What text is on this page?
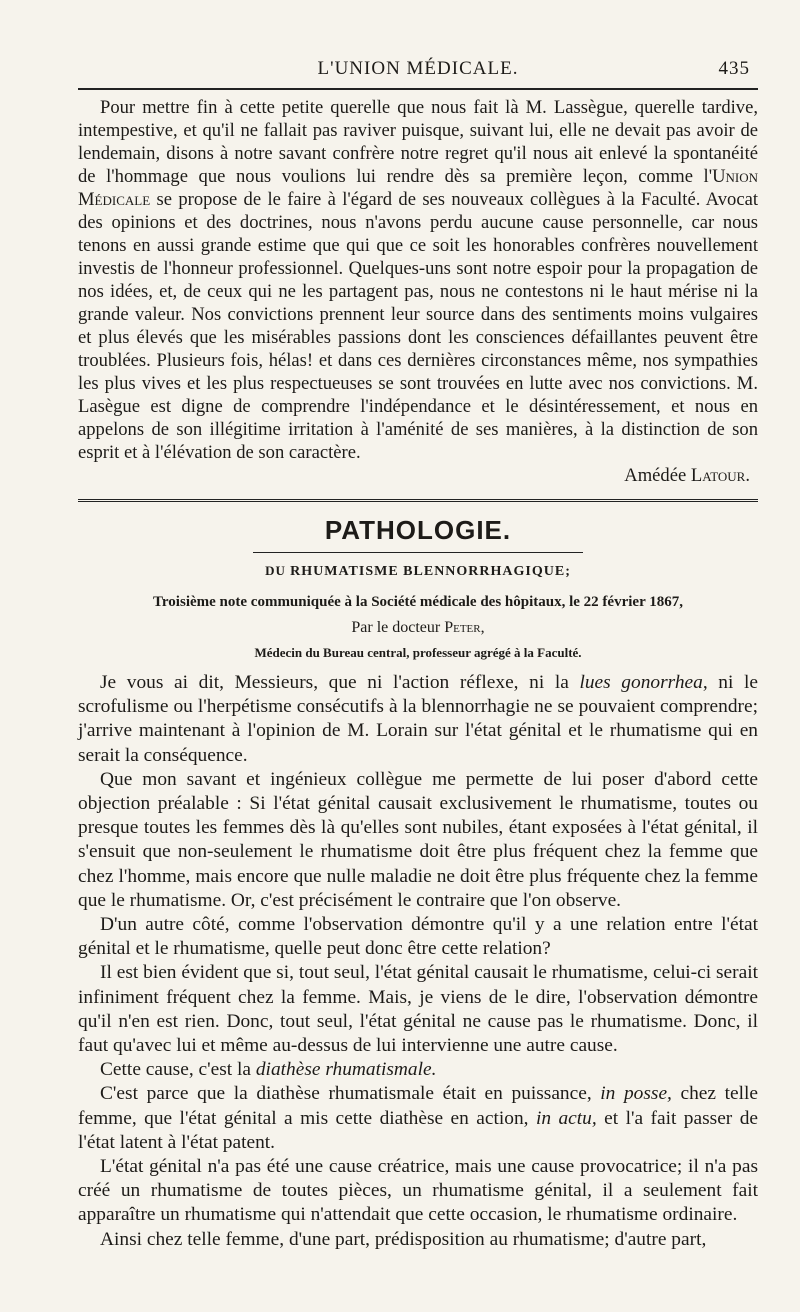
L'UNION MÉDICALE.	435

Pour mettre fin à cette petite querelle que nous fait là M. Lassègue, querelle tardive, intempestive, et qu'il ne fallait pas raviver puisque, suivant lui, elle ne devait pas avoir de lendemain, disons à notre savant confrère notre regret qu'il nous ait enlevé la spontanéité de l'hommage que nous voulions lui rendre dès sa première leçon, comme l'Union Médicale se propose de le faire à l'égard de ses nouveaux collègues à la Faculté. Avocat des opinions et des doctrines, nous n'avons perdu aucune cause personnelle, car nous tenons en aussi grande estime que qui que ce soit les honorables confrères nouvellement investis de l'honneur professionnel. Quelques-uns sont notre espoir pour la propagation de nos idées, et, de ceux qui ne les partagent pas, nous ne contestons ni le haut mérise ni la grande valeur. Nos convictions prennent leur source dans des sentiments moins vulgaires et plus élevés que les misérables passions dont les consciences défaillantes peuvent être troublées. Plusieurs fois, hélas! et dans ces dernières circonstances même, nos sympathies les plus vives et les plus respectueuses se sont trouvées en lutte avec nos convictions. M. Lasègue est digne de comprendre l'indépendance et le désintéressement, et nous en appelons de son illégitime irritation à l'aménité de ses manières, à la distinction de son esprit et à l'élévation de son caractère.

Amédée Latour.
PATHOLOGIE.
DU RHUMATISME BLENNORRHAGIQUE;
Troisième note communiquée à la Société médicale des hôpitaux, le 22 février 1867,
Par le docteur Peter,
Médecin du Bureau central, professeur agrégé à la Faculté.

Je vous ai dit, Messieurs, que ni l'action réflexe, ni la lues gonorrhea, ni le scrofulisme ou l'herpétisme consécutifs à la blennorrhagie ne se pouvaient comprendre; j'arrive maintenant à l'opinion de M. Lorain sur l'état génital et le rhumatisme qui en serait la conséquence.

Que mon savant et ingénieux collègue me permette de lui poser d'abord cette objection préalable : Si l'état génital causait exclusivement le rhumatisme, toutes ou presque toutes les femmes dès là qu'elles sont nubiles, étant exposées à l'état génital, il s'ensuit que non-seulement le rhumatisme doit être plus fréquent chez la femme que chez l'homme, mais encore que nulle maladie ne doit être plus fréquente chez la femme que le rhumatisme. Or, c'est précisément le contraire que l'on observe.

D'un autre côté, comme l'observation démontre qu'il y a une relation entre l'état génital et le rhumatisme, quelle peut donc être cette relation?

Il est bien évident que si, tout seul, l'état génital causait le rhumatisme, celui-ci serait infiniment fréquent chez la femme. Mais, je viens de le dire, l'observation démontre qu'il n'en est rien. Donc, tout seul, l'état génital ne cause pas le rhumatisme. Donc, il faut qu'avec lui et même au-dessus de lui intervienne une autre cause.

Cette cause, c'est la diathèse rhumatismale.

C'est parce que la diathèse rhumatismale était en puissance, in posse, chez telle femme, que l'état génital a mis cette diathèse en action, in actu, et l'a fait passer de l'état latent à l'état patent.

L'état génital n'a pas été une cause créatrice, mais une cause provocatrice; il n'a pas créé un rhumatisme de toutes pièces, un rhumatisme génital, il a seulement fait apparaître un rhumatisme qui n'attendait que cette occasion, le rhumatisme ordinaire.

Ainsi chez telle femme, d'une part, prédisposition au rhumatisme; d'autre part,
